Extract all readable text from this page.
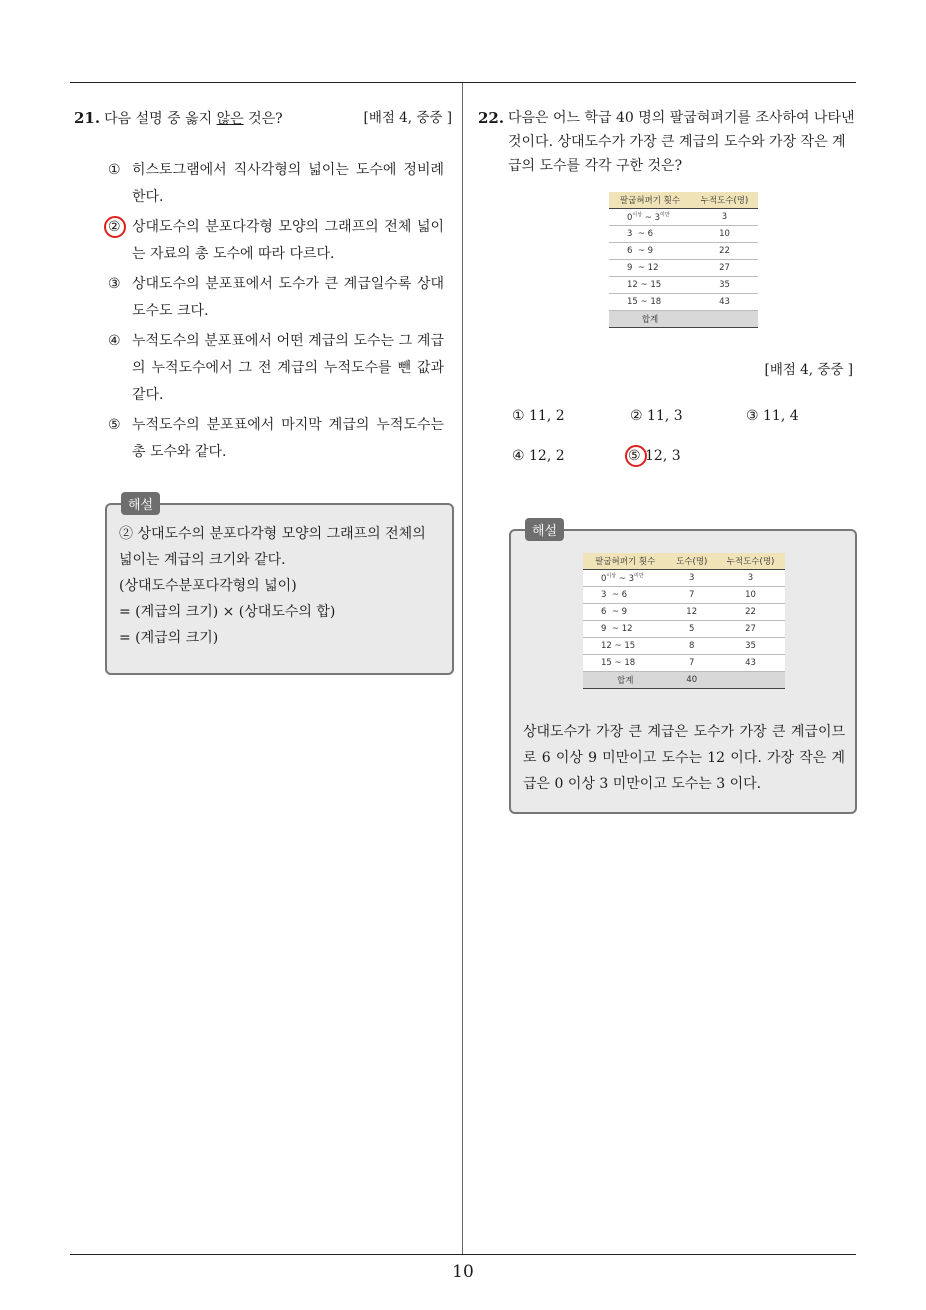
10
21. 다음 설명 중 옳지 않은 것은?	[배점 4, 중중 ]
① 히스토그램에서 직사각형의 넓이는 도수에 정비례한다.
② 상대도수의 분포다각형 모양의 그래프의 전체 넓이는 자료의 총 도수에 따라 다르다.
③ 상대도수의 분포표에서 도수가 큰 계급일수록 상대도수도 크다.
④ 누적도수의 분포표에서 어떤 계급의 도수는 그 계급의 누적도수에서 그 전 계급의 누적도수를 뺀 값과 같다.
⑤ 누적도수의 분포표에서 마지막 계급의 누적도수는 총 도수와 같다.
해설
② 상대도수의 분포다각형 모양의 그래프의 전체의 넓이는 계급의 크기와 같다.
(상대도수분포다각형의 넓이)
= (계급의 크기) × (상대도수의 합)
= (계급의 크기)
22. 다음은 어느 학급 40 명의 팔굽혀펴기를 조사하여 나타낸 것이다. 상대도수가 가장 큰 계급의 도수와 가장 작은 계급의 도수를 각각 구한 것은?
팔굽혀펴기 횟수	누적도수(명)
$0^{이상}$ ~ $3^{미만}$	3
3 ~ 6	10
6 ~ 9	22
9 ~ 12	27
12 ~ 15	35
15 ~ 18	43
합계	
[배점 4, 중중 ]
① 11, 2	② 11, 3	③ 11, 4
④ 12, 2	⑤ 12, 3
해설
팔굽혀펴기 횟수	도수(명)	누적도수(명)
$0^{이상}$ ~ $3^{미만}$	3	3
3 ~ 6	7	10
6 ~ 9	12	22
9 ~ 12	5	27
12 ~ 15	8	35
15 ~ 18	7	43
합계	40	
상대도수가 가장 큰 계급은 도수가 가장 큰 계급이므로 6 이상 9 미만이고 도수는 12 이다. 가장 작은 계급은 0 이상 3 미만이고 도수는 3 이다.
